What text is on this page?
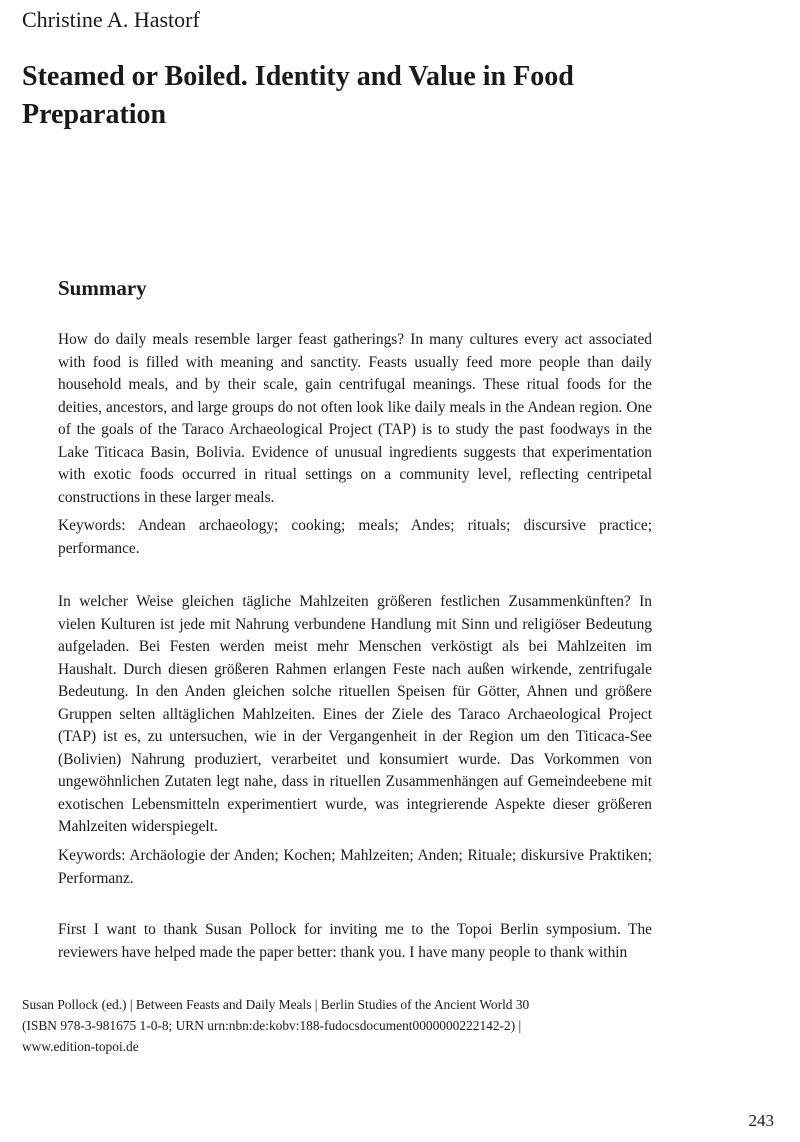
Christine A. Hastorf

Steamed or Boiled. Identity and Value in Food Preparation
Summary

How do daily meals resemble larger feast gatherings? In many cultures every act associated with food is filled with meaning and sanctity. Feasts usually feed more people than daily household meals, and by their scale, gain centrifugal meanings. These ritual foods for the deities, ancestors, and large groups do not often look like daily meals in the Andean region. One of the goals of the Taraco Archaeological Project (TAP) is to study the past foodways in the Lake Titicaca Basin, Bolivia. Evidence of unusual ingredients suggests that experimentation with exotic foods occurred in ritual settings on a community level, reflecting centripetal constructions in these larger meals.

Keywords: Andean archaeology; cooking; meals; Andes; rituals; discursive practice; performance.

In welcher Weise gleichen tägliche Mahlzeiten größeren festlichen Zusammenkünften? In vielen Kulturen ist jede mit Nahrung verbundene Handlung mit Sinn und religiöser Bedeutung aufgeladen. Bei Festen werden meist mehr Menschen verköstigt als bei Mahlzeiten im Haushalt. Durch diesen größeren Rahmen erlangen Feste nach außen wirkende, zentrifugale Bedeutung. In den Anden gleichen solche rituellen Speisen für Götter, Ahnen und größere Gruppen selten alltäglichen Mahlzeiten. Eines der Ziele des Taraco Archaeological Project (TAP) ist es, zu untersuchen, wie in der Vergangenheit in der Region um den Titicaca-See (Bolivien) Nahrung produziert, verarbeitet und konsumiert wurde. Das Vorkommen von ungewöhnlichen Zutaten legt nahe, dass in rituellen Zusammenhängen auf Gemeindeebene mit exotischen Lebensmitteln experimentiert wurde, was integrierende Aspekte dieser größeren Mahlzeiten widerspiegelt.

Keywords: Archäologie der Anden; Kochen; Mahlzeiten; Anden; Rituale; diskursive Praktiken; Performanz.

First I want to thank Susan Pollock for inviting me to the Topoi Berlin symposium. The reviewers have helped made the paper better: thank you. I have many people to thank within

Susan Pollock (ed.) | Between Feasts and Daily Meals | Berlin Studies of the Ancient World 30
(ISBN 978-3-981675 1-0-8; URN urn:nbn:de:kobv:188-fudocsdocument0000000222142-2) |
www.edition-topoi.de

243
